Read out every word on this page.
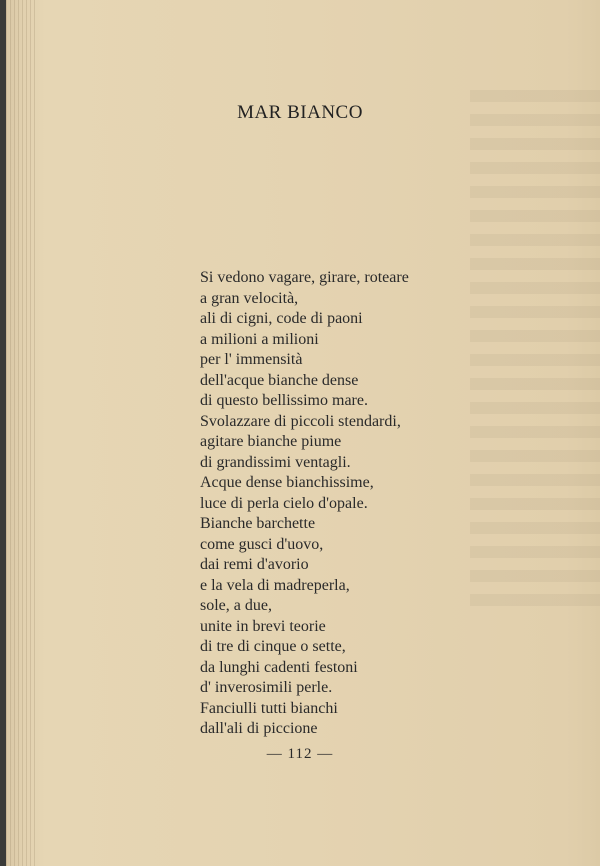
MAR BIANCO
Si vedono vagare, girare, roteare
a gran velocità,
ali di cigni, code di paoni
a milioni a milioni
per l' immensità
dell'acque bianche dense
di questo bellissimo mare.
Svolazzare di piccoli stendardi,
agitare bianche piume
di grandissimi ventagli.
Acque dense bianchissime,
luce di perla cielo d'opale.
Bianche barchette
come gusci d'uovo,
dai remi d'avorio
e la vela di madreperla,
sole, a due,
unite in brevi teorie
di tre di cinque o sette,
da lunghi cadenti festoni
d' inverosimili perle.
Fanciulli tutti bianchi
dall'ali di piccione
— 112 —
